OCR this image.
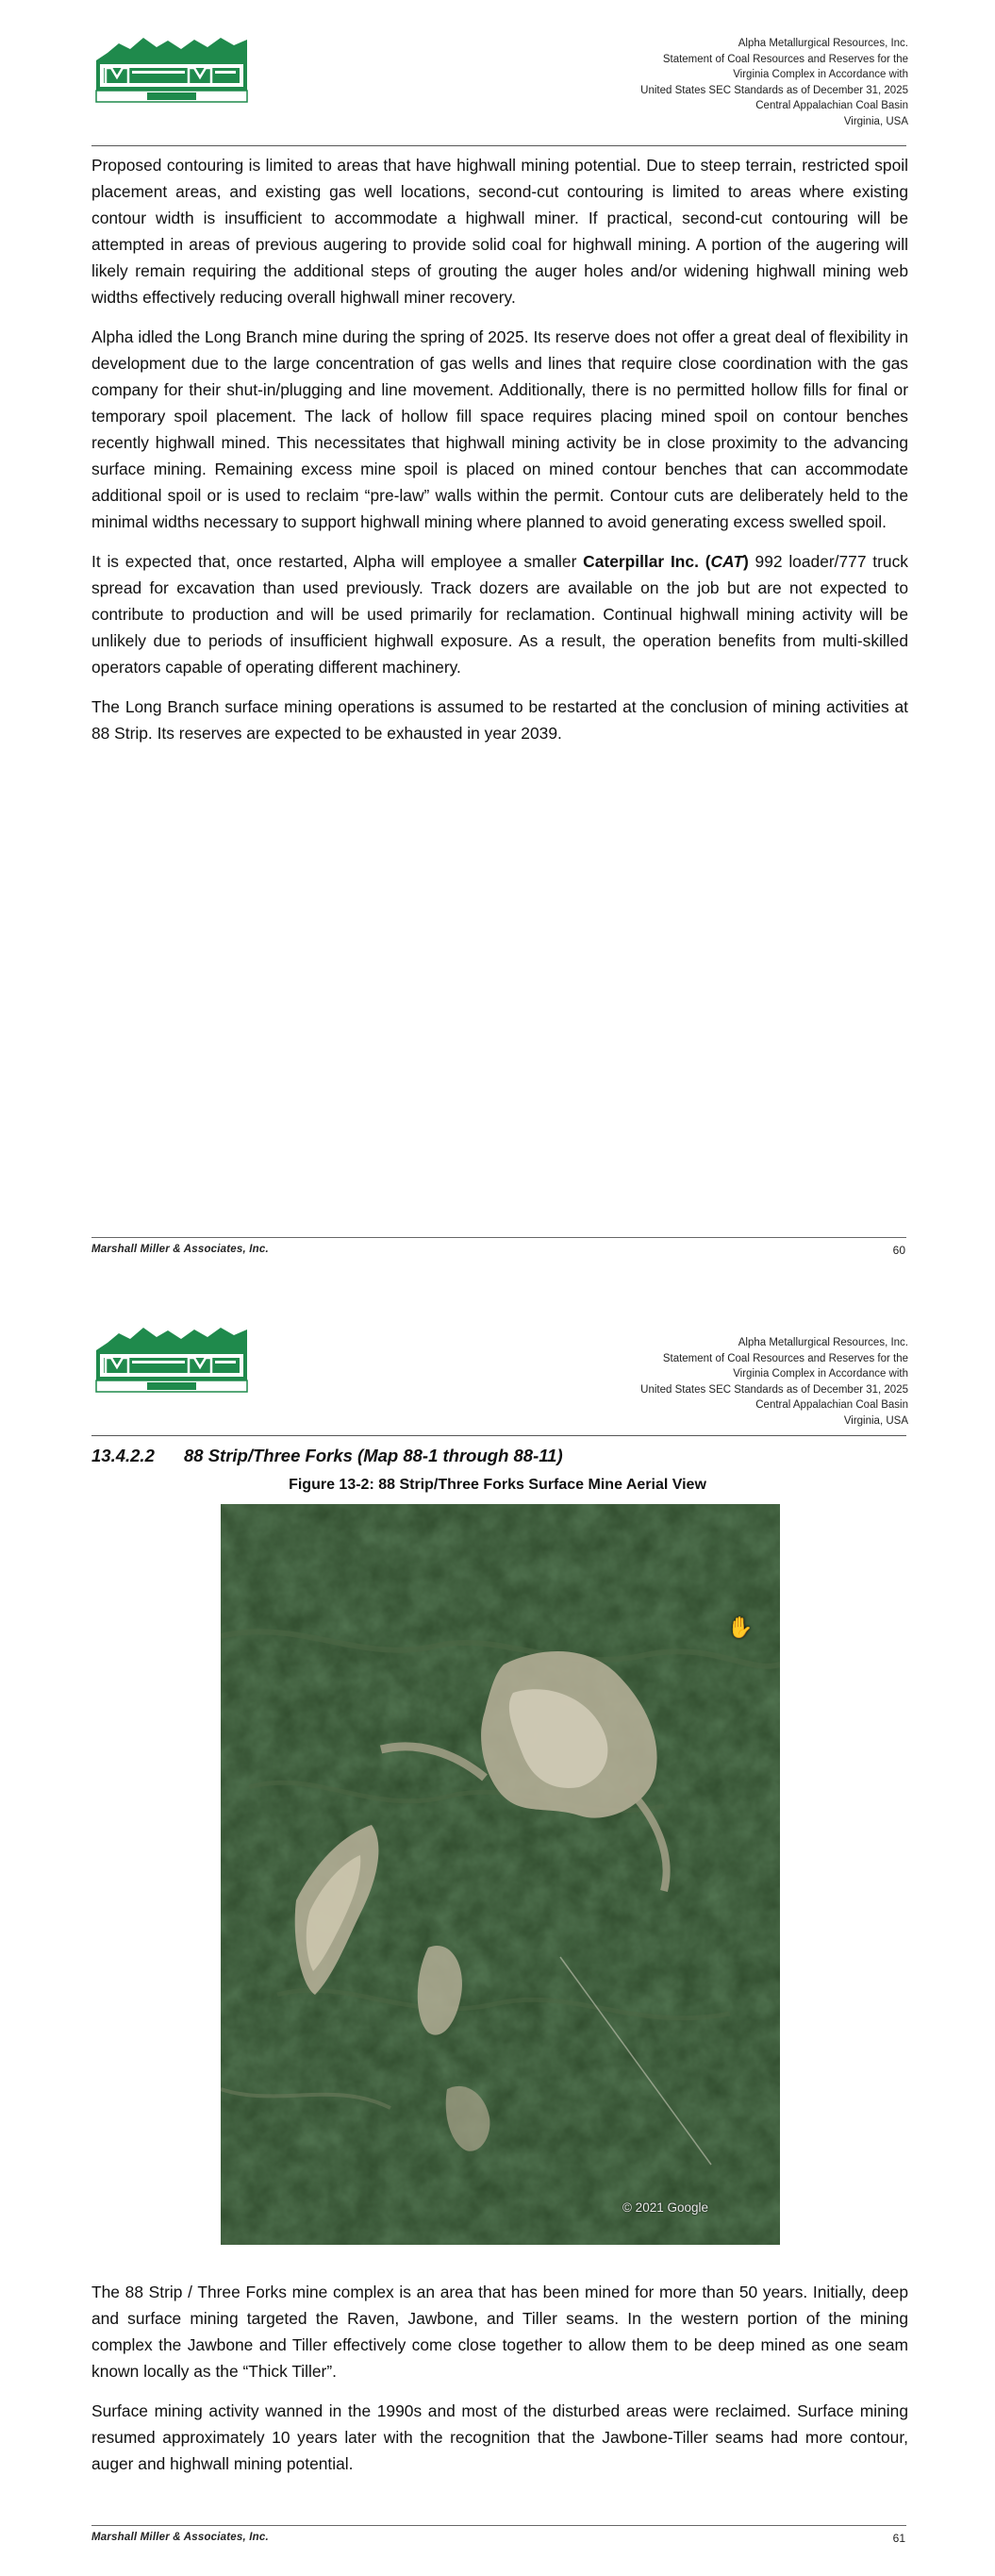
Alpha Metallurgical Resources, Inc.
Statement of Coal Resources and Reserves for the
Virginia Complex in Accordance with
United States SEC Standards as of December 31, 2025
Central Appalachian Coal Basin
Virginia, USA

Proposed contouring is limited to areas that have highwall mining potential. Due to steep terrain, restricted spoil placement areas, and existing gas well locations, second-cut contouring is limited to areas where existing contour width is insufficient to accommodate a highwall miner. If practical, second-cut contouring will be attempted in areas of previous augering to provide solid coal for highwall mining. A portion of the augering will likely remain requiring the additional steps of grouting the auger holes and/or widening highwall mining web widths effectively reducing overall highwall miner recovery.

Alpha idled the Long Branch mine during the spring of 2025. Its reserve does not offer a great deal of flexibility in development due to the large concentration of gas wells and lines that require close coordination with the gas company for their shut-in/plugging and line movement. Additionally, there is no permitted hollow fills for final or temporary spoil placement. The lack of hollow fill space requires placing mined spoil on contour benches recently highwall mined. This necessitates that highwall mining activity be in close proximity to the advancing surface mining. Remaining excess mine spoil is placed on mined contour benches that can accommodate additional spoil or is used to reclaim “pre-law” walls within the permit. Contour cuts are deliberately held to the minimal widths necessary to support highwall mining where planned to avoid generating excess swelled spoil.

It is expected that, once restarted, Alpha will employee a smaller Caterpillar Inc. (CAT) 992 loader/777 truck spread for excavation than used previously. Track dozers are available on the job but are not expected to contribute to production and will be used primarily for reclamation. Continual highwall mining activity will be unlikely due to periods of insufficient highwall exposure. As a result, the operation benefits from multi-skilled operators capable of operating different machinery.

The Long Branch surface mining operations is assumed to be restarted at the conclusion of mining activities at 88 Strip. Its reserves are expected to be exhausted in year 2039.

Marshall Miller & Associates, Inc.	60
Alpha Metallurgical Resources, Inc.
Statement of Coal Resources and Reserves for the
Virginia Complex in Accordance with
United States SEC Standards as of December 31, 2025
Central Appalachian Coal Basin
Virginia, USA
13.4.2.2 88 Strip/Three Forks (Map 88-1 through 88-11)
Figure 13-2: 88 Strip/Three Forks Surface Mine Aerial View
✋
© 2021 Google

The 88 Strip / Three Forks mine complex is an area that has been mined for more than 50 years. Initially, deep and surface mining targeted the Raven, Jawbone, and Tiller seams. In the western portion of the mining complex the Jawbone and Tiller effectively come close together to allow them to be deep mined as one seam known locally as the “Thick Tiller”.

Surface mining activity wanned in the 1990s and most of the disturbed areas were reclaimed. Surface mining resumed approximately 10 years later with the recognition that the Jawbone-Tiller seams had more contour, auger and highwall mining potential.

Marshall Miller & Associates, Inc.	61
